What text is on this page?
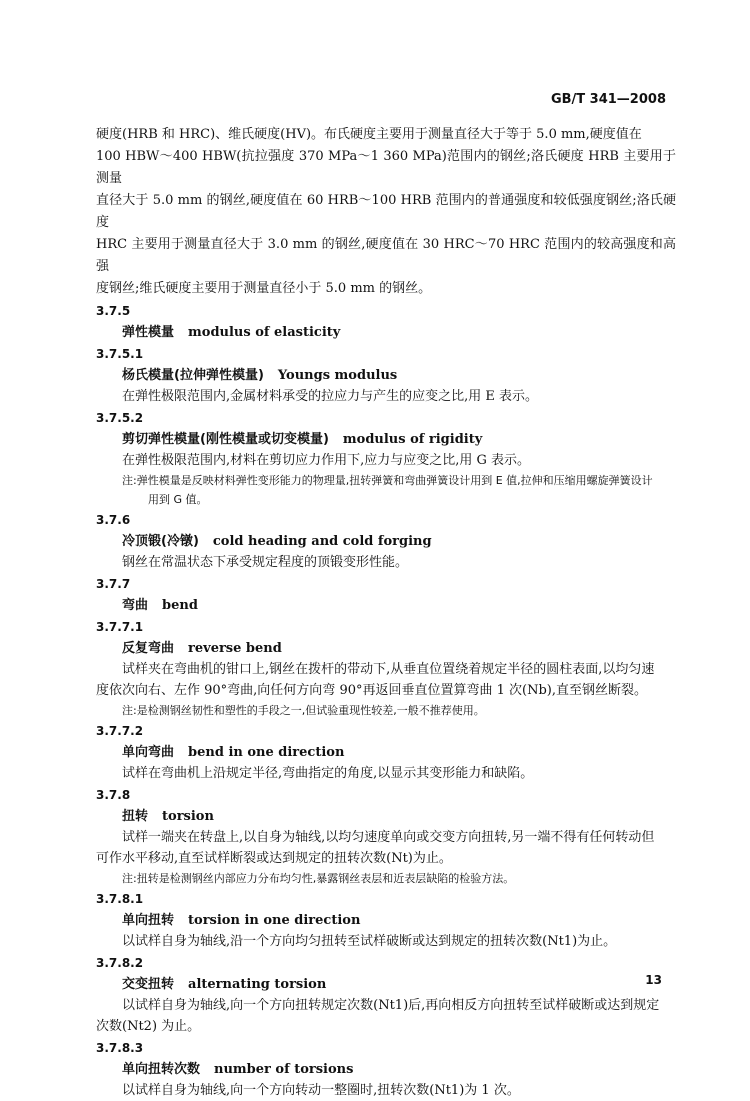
GB/T 341—2008

硬度(HRB 和 HRC)、维氏硬度(HV)。布氏硬度主要用于测量直径大于等于 5.0 mm,硬度值在

100 HBW～400 HBW(抗拉强度 370 MPa～1 360 MPa)范围内的钢丝;洛氏硬度 HRB 主要用于测量

直径大于 5.0 mm 的钢丝,硬度值在 60 HRB～100 HRB 范围内的普通强度和较低强度钢丝;洛氏硬度

HRC 主要用于测量直径大于 3.0 mm 的钢丝,硬度值在 30 HRC～70 HRC 范围内的较高强度和高强

度钢丝;维氏硬度主要用于测量直径小于 5.0 mm 的钢丝。

3.7.5

弹性模量 modulus of elasticity

3.7.5.1

杨氏模量(拉伸弹性模量) Youngs modulus

在弹性极限范围内,金属材料承受的拉应力与产生的应变之比,用 E 表示。

3.7.5.2

剪切弹性模量(刚性模量或切变模量) modulus of rigidity

在弹性极限范围内,材料在剪切应力作用下,应力与应变之比,用 G 表示。

注:弹性模量是反映材料弹性变形能力的物理量,扭转弹簧和弯曲弹簧设计用到 E 值,拉伸和压缩用螺旋弹簧设计

用到 G 值。

3.7.6

冷顶锻(冷镦) cold heading and cold forging

钢丝在常温状态下承受规定程度的顶锻变形性能。

3.7.7

弯曲 bend

3.7.7.1

反复弯曲 reverse bend

试样夹在弯曲机的钳口上,钢丝在拨杆的带动下,从垂直位置绕着规定半径的圆柱表面,以均匀速

度依次向右、左作 90°弯曲,向任何方向弯 90°再返回垂直位置算弯曲 1 次(Nb),直至钢丝断裂。

注:是检测钢丝韧性和塑性的手段之一,但试验重现性较差,一般不推荐使用。

3.7.7.2

单向弯曲 bend in one direction

试样在弯曲机上沿规定半径,弯曲指定的角度,以显示其变形能力和缺陷。

3.7.8

扭转 torsion

试样一端夹在转盘上,以自身为轴线,以均匀速度单向或交变方向扭转,另一端不得有任何转动但

可作水平移动,直至试样断裂或达到规定的扭转次数(Nt)为止。

注:扭转是检测钢丝内部应力分布均匀性,暴露钢丝表层和近表层缺陷的检验方法。

3.7.8.1

单向扭转 torsion in one direction

以试样自身为轴线,沿一个方向均匀扭转至试样破断或达到规定的扭转次数(Nt1)为止。

3.7.8.2

交变扭转 alternating torsion

以试样自身为轴线,向一个方向扭转规定次数(Nt1)后,再向相反方向扭转至试样破断或达到规定

次数(Nt2) 为止。

3.7.8.3

单向扭转次数 number of torsions

以试样自身为轴线,向一个方向转动一整圈时,扭转次数(Nt1)为 1 次。

13
